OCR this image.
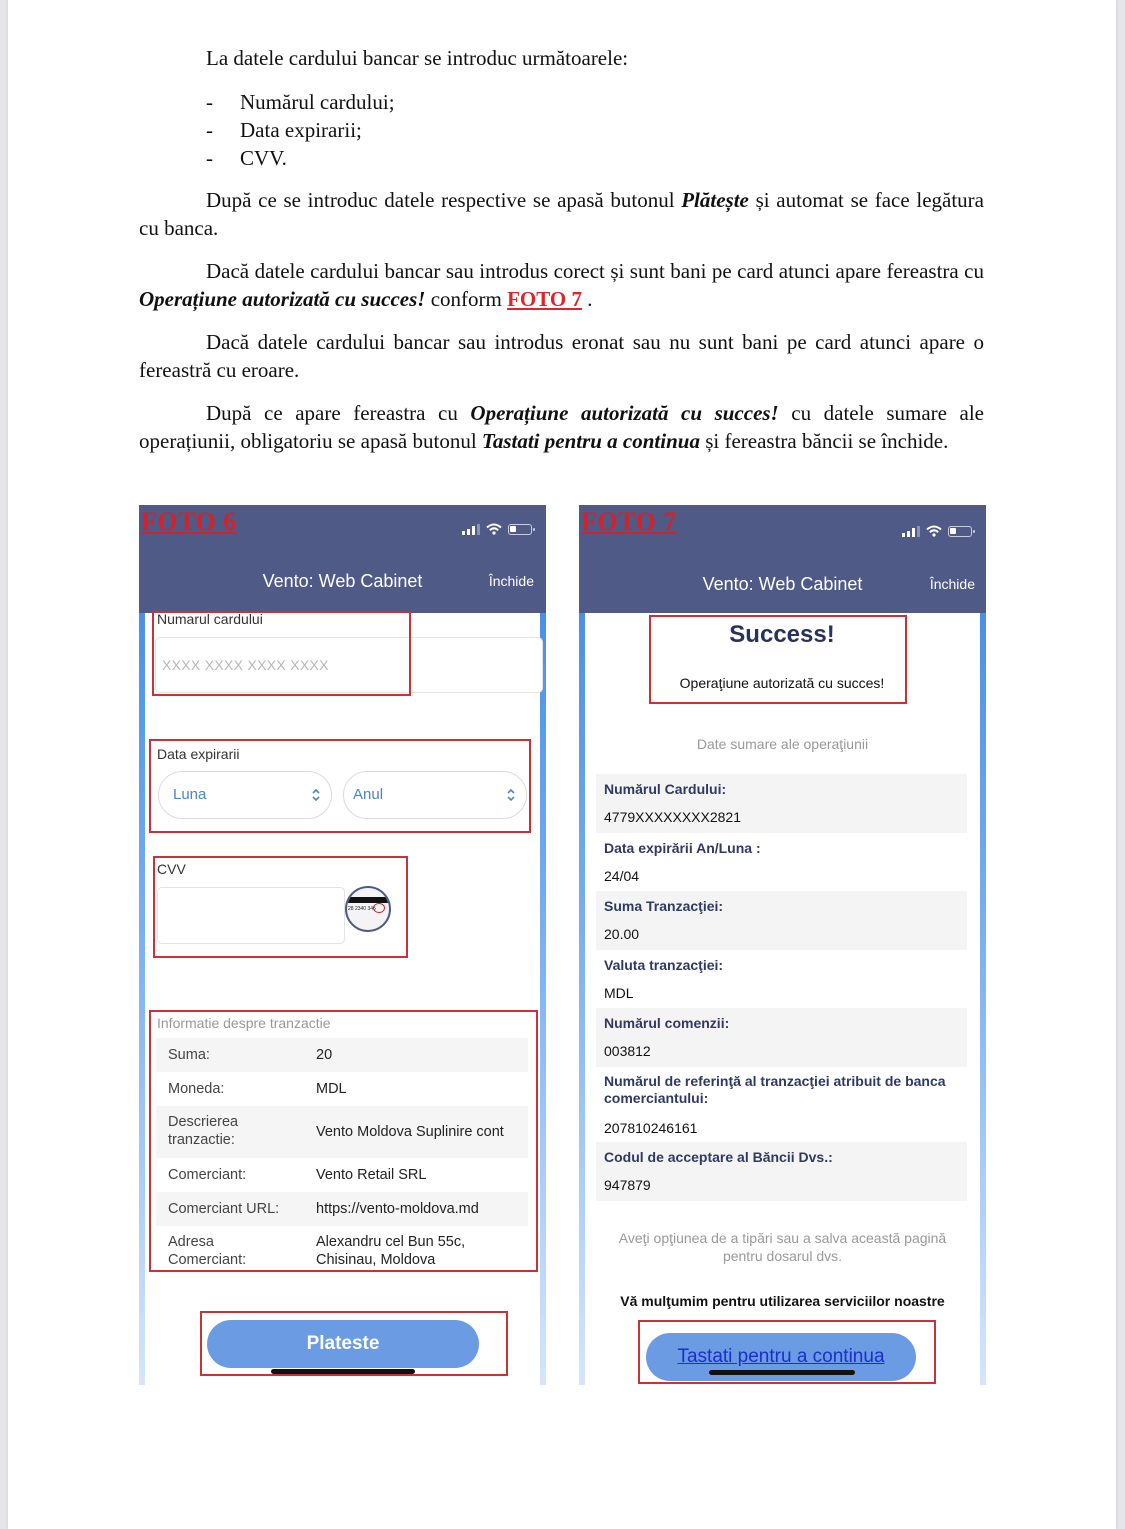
La datele cardului bancar se introduc următoarele:

- Numărul cardului;
- Data expirarii;
- CVV.

După ce se introduc datele respective se apasă butonul Plătește și automat se face legătura cu banca.

Dacă datele cardului bancar sau introdus corect și sunt bani pe card atunci apare fereastra cu Operațiune autorizată cu succes! conform FOTO 7 .

Dacă datele cardului bancar sau introdus eronat sau nu sunt bani pe card atunci apare o fereastră cu eroare.

După ce apare fereastra cu Operațiune autorizată cu succes! cu datele sumare ale operațiunii, obligatoriu se apasă butonul Tastati pentru a continua și fereastra băncii se închide.

FOTO 6
Vento: Web Cabinet	Închide
Numarul cardului
XXXX XXXX XXXX XXXX
Data expirarii
Luna	Anul
CVV
28 2340 345
Informatie despre tranzactie
Suma:	20
Moneda:	MDL
Descrierea tranzactie:	Vento Moldova Suplinire cont
Comerciant:	Vento Retail SRL
Comerciant URL:	https://vento-moldova.md
Adresa Comerciant:
Alexandru cel Bun 55c, Chisinau, Moldova
Plateste
FOTO 7
Vento: Web Cabinet	Închide
Success!
Operaţiune autorizată cu succes!
Date sumare ale operaţiunii
Numărul Cardului:
4779XXXXXXXX2821
Data expirării An/Luna :
24/04
Suma Tranzacţiei:
20.00
Valuta tranzacţiei:
MDL
Numărul comenzii:
003812
Numărul de referinţă al tranzacţiei atribuit de banca comerciantului:
207810246161
Codul de acceptare al Băncii Dvs.:
947879
Aveţi opţiunea de a tipări sau a salva această pagină pentru dosarul dvs.
Vă mulţumim pentru utilizarea serviciilor noastre
Tastati pentru a continua
